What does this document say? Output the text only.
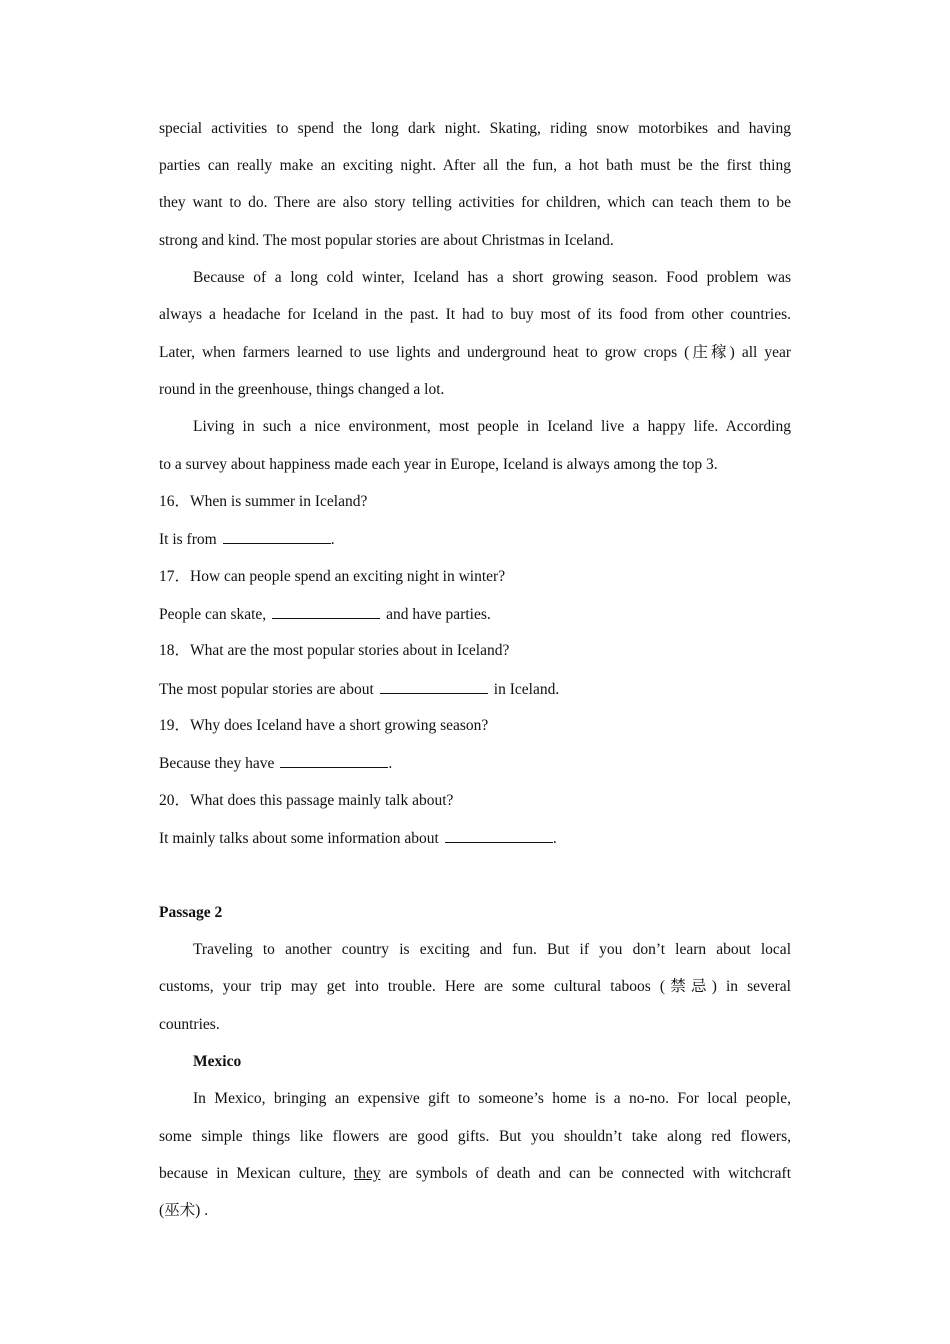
special activities to spend the long dark night. Skating, riding snow motorbikes and having
parties can really make an exciting night. After all the fun, a hot bath must be the first thing
they want to do. There are also story telling activities for children, which can teach them to be
strong and kind. The most popular stories are about Christmas in Iceland.
Because of a long cold winter, Iceland has a short growing season. Food problem was
always a headache for Iceland in the past. It had to buy most of its food from other countries.
Later, when farmers learned to use lights and underground heat to grow crops (庄稼) all year
round in the greenhouse, things changed a lot.
Living in such a nice environment, most people in Iceland live a happy life. According
to a survey about happiness made each year in Europe, Iceland is always among the top 3.
16．When is summer in Iceland?
It is from	.
17．How can people spend an exciting night in winter?
People can skate,	and have parties.
18．What are the most popular stories about in Iceland?
The most popular stories are about	in Iceland.
19．Why does Iceland have a short growing season?
Because they have	.
20．What does this passage mainly talk about?
It mainly talks about some information about	.
Passage 2
Traveling to another country is exciting and fun. But if you don’t learn about local
customs, your trip may get into trouble. Here are some cultural taboos (禁忌) in several
countries.
Mexico
In Mexico, bringing an expensive gift to someone’s home is a no-no. For local people,
some simple things like flowers are good gifts. But you shouldn’t take along red flowers,
because in Mexican culture, they are symbols of death and can be connected with witchcraft
(巫术) .
